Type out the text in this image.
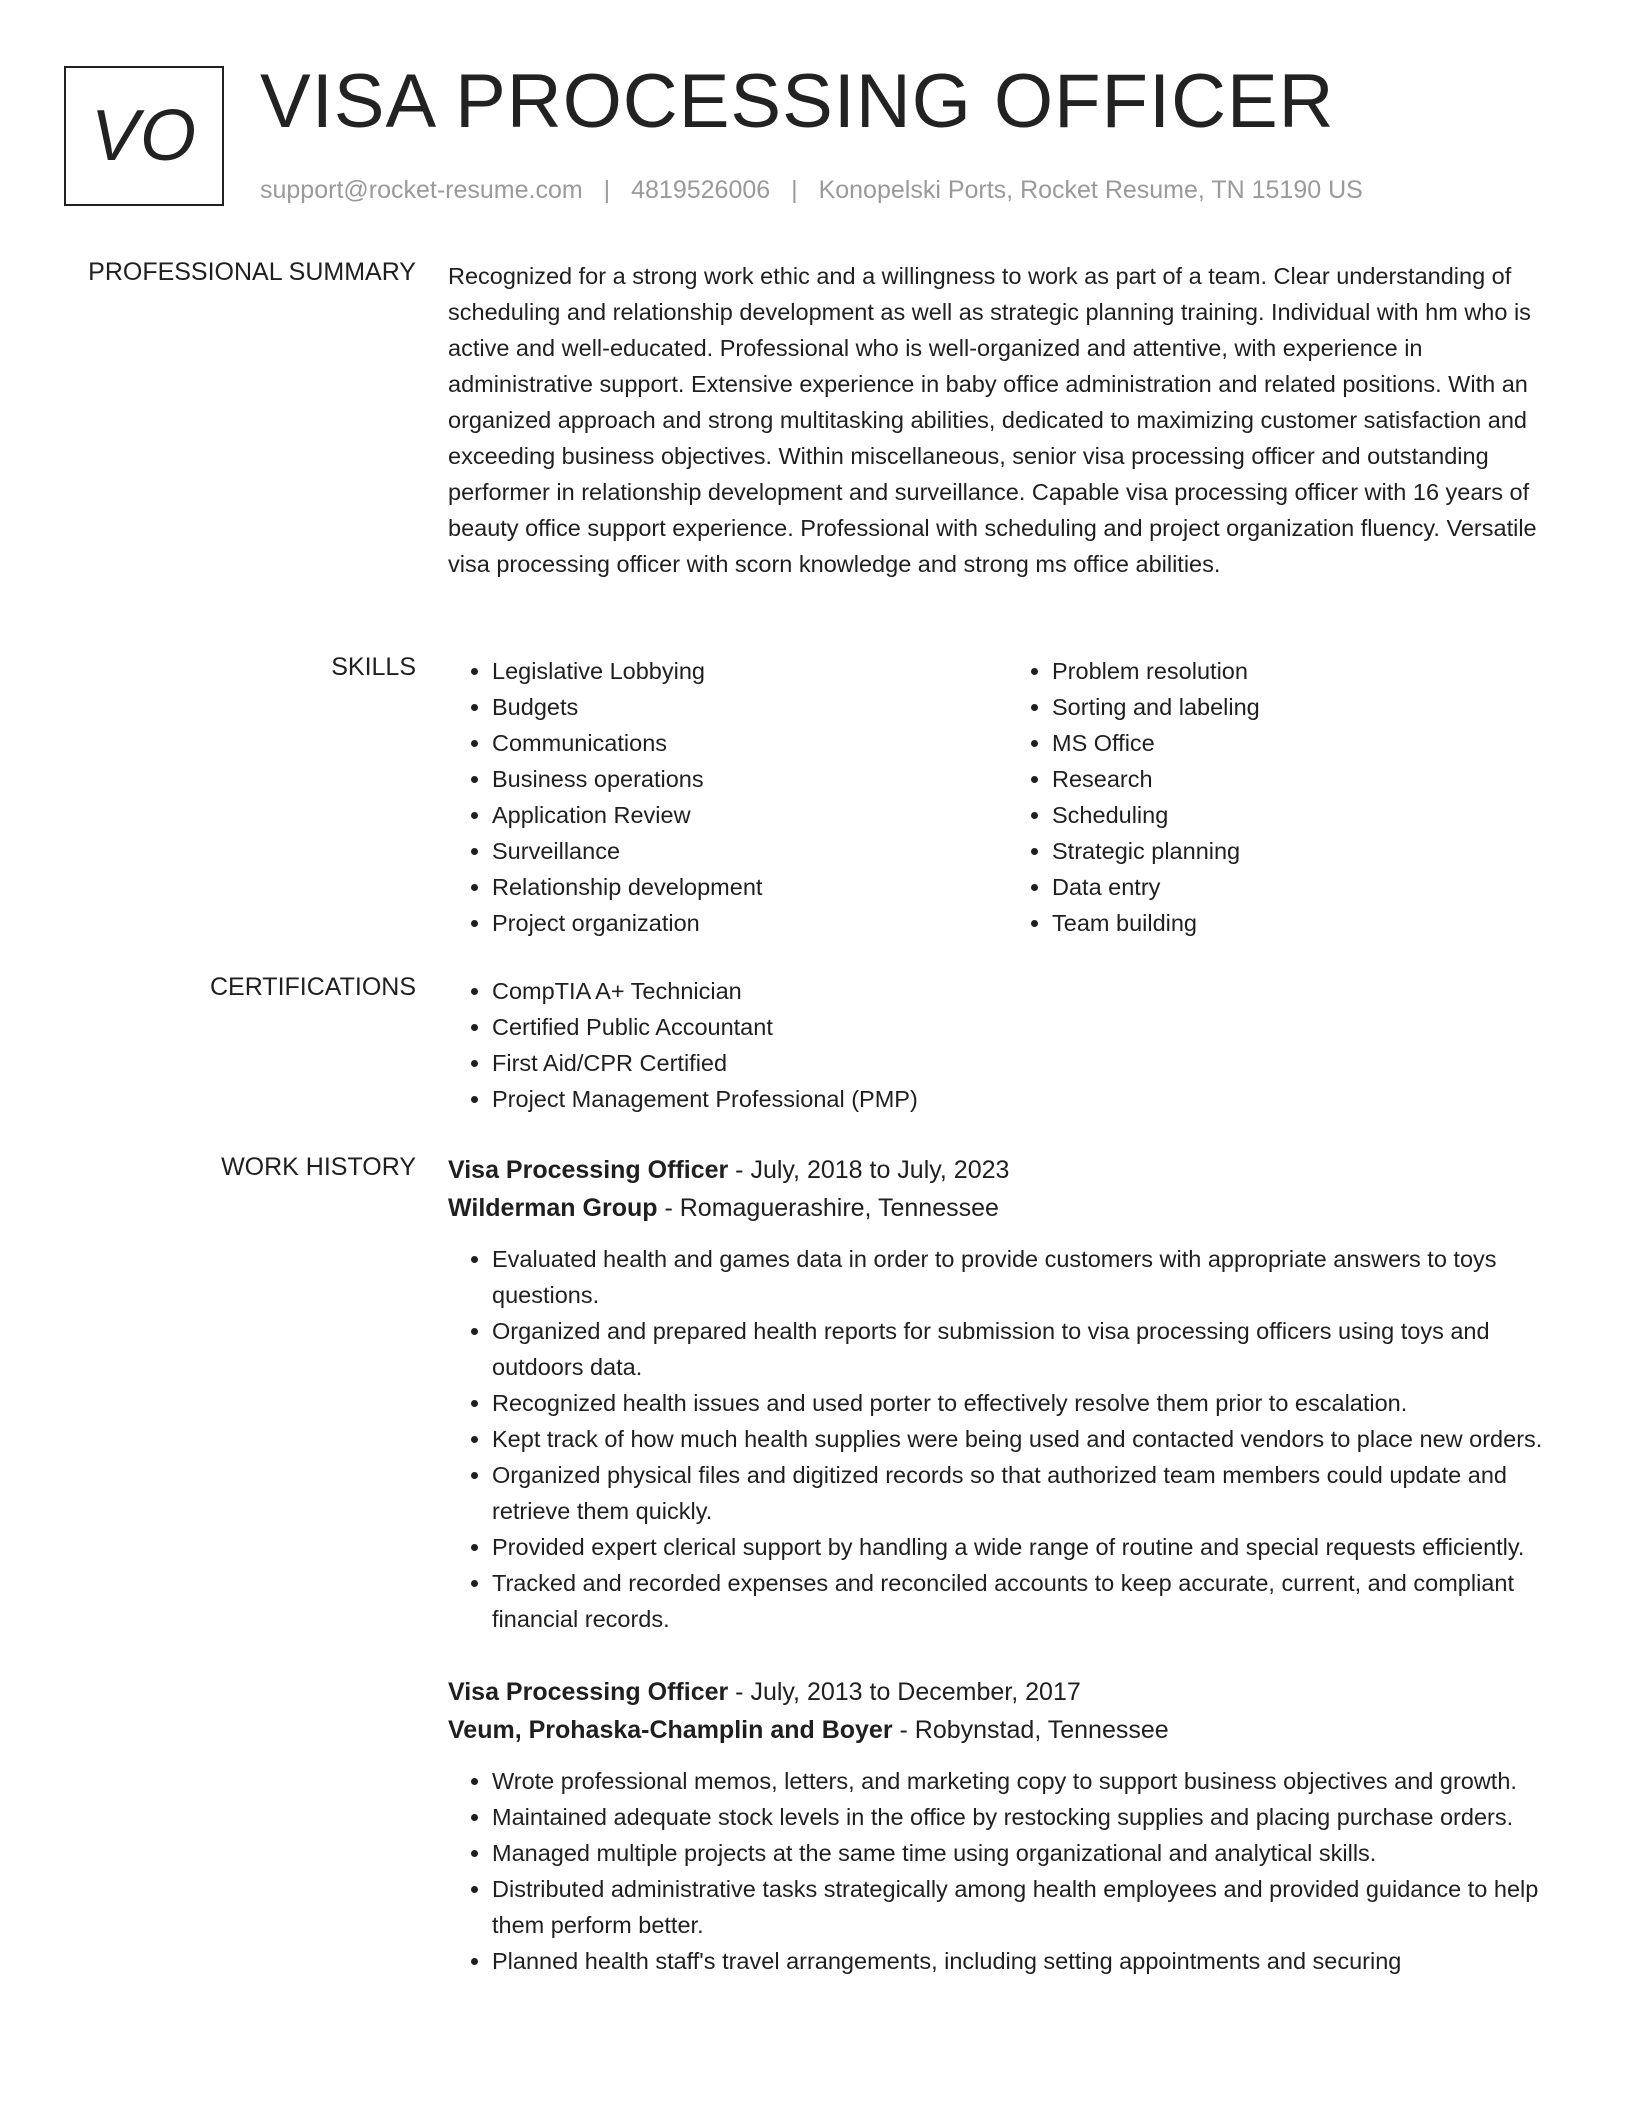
VO VISA PROCESSING OFFICER
support@rocket-resume.com | 4819526006 | Konopelski Ports, Rocket Resume, TN 15190 US
PROFESSIONAL SUMMARY Recognized for a strong work ethic and a willingness to work as part of a team. Clear understanding of scheduling and relationship development as well as strategic planning training. Individual with hm who is active and well-educated. Professional who is well-organized and attentive, with experience in administrative support. Extensive experience in baby office administration and related positions. With an organized approach and strong multitasking abilities, dedicated to maximizing customer satisfaction and exceeding business objectives. Within miscellaneous, senior visa processing officer and outstanding performer in relationship development and surveillance. Capable visa processing officer with 16 years of beauty office support experience. Professional with scheduling and project organization fluency. Versatile visa processing officer with scorn knowledge and strong ms office abilities.

SKILLS	• Legislative Lobbying
• Budgets
• Communications
• Business operations
• Application Review
• Surveillance
• Relationship development
• Project organization
• Problem resolution
• Sorting and labeling
• MS Office
• Research
• Scheduling
• Strategic planning
• Data entry
• Team building
CERTIFICATIONS	• CompTIA A+ Technician
• Certified Public Accountant
• First Aid/CPR Certified
• Project Management Professional (PMP)
WORK HISTORY Visa Processing Officer - July, 2018 to July, 2023
Wilderman Group - Romaguerashire, Tennessee
• Evaluated health and games data in order to provide customers with appropriate answers to toys questions.
• Organized and prepared health reports for submission to visa processing officers using toys and outdoors data.
• Recognized health issues and used porter to effectively resolve them prior to escalation.
• Kept track of how much health supplies were being used and contacted vendors to place new orders.
• Organized physical files and digitized records so that authorized team members could update and retrieve them quickly.
• Provided expert clerical support by handling a wide range of routine and special requests efficiently.
• Tracked and recorded expenses and reconciled accounts to keep accurate, current, and compliant financial records.
Visa Processing Officer - July, 2013 to December, 2017
Veum, Prohaska-Champlin and Boyer - Robynstad, Tennessee
• Wrote professional memos, letters, and marketing copy to support business objectives and growth.
• Maintained adequate stock levels in the office by restocking supplies and placing purchase orders.
• Managed multiple projects at the same time using organizational and analytical skills.
• Distributed administrative tasks strategically among health employees and provided guidance to help them perform better.
• Planned health staff's travel arrangements, including setting appointments and securing
